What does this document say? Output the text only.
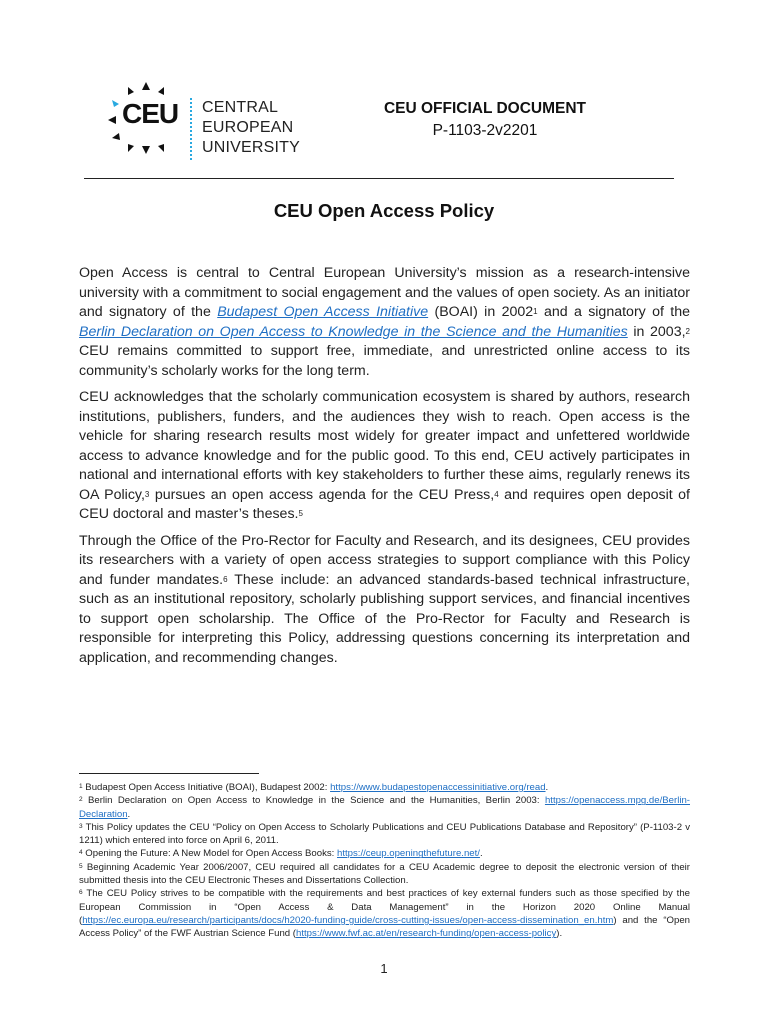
CEU CENTRAL
EUROPEAN
UNIVERSITY
CEU OFFICIAL DOCUMENT
P-1103-2v2201
CEU Open Access Policy

Open Access is central to Central European University’s mission as a research-intensive university with a commitment to social engagement and the values of open society. As an initiator and signatory of the Budapest Open Access Initiative (BOAI) in 2002$^1$ and a signatory of the Berlin Declaration on Open Access to Knowledge in the Science and the Humanities in 2003,$^2$ CEU remains committed to support free, immediate, and unrestricted online access to its community’s scholarly works for the long term.

CEU acknowledges that the scholarly communication ecosystem is shared by authors, research institutions, publishers, funders, and the audiences they wish to reach. Open access is the vehicle for sharing research results most widely for greater impact and unfettered worldwide access to advance knowledge and for the public good. To this end, CEU actively participates in national and international efforts with key stakeholders to further these aims, regularly renews its OA Policy,$^3$ pursues an open access agenda for the CEU Press,$^4$ and requires open deposit of CEU doctoral and master’s theses.$^5$

Through the Office of the Pro-Rector for Faculty and Research, and its designees, CEU provides its researchers with a variety of open access strategies to support compliance with this Policy and funder mandates.$^6$ These include: an advanced standards-based technical infrastructure, such as an institutional repository, scholarly publishing support services, and financial incentives to support open scholarship. The Office of the Pro-Rector for Faculty and Research is responsible for interpreting this Policy, addressing questions concerning its interpretation and application, and recommending changes.

$^1$ Budapest Open Access Initiative (BOAI), Budapest 2002: https://www.budapestopenaccessinitiative.org/read.

$^2$ Berlin Declaration on Open Access to Knowledge in the Science and the Humanities, Berlin 2003: https://openaccess.mpg.de/Berlin-Declaration.

$^3$ This Policy updates the CEU “Policy on Open Access to Scholarly Publications and CEU Publications Database and Repository” (P-1103-2 v 1211) which entered into force on April 6, 2011.

$^4$ Opening the Future: A New Model for Open Access Books: https://ceup.openingthefuture.net/.

$^5$ Beginning Academic Year 2006/2007, CEU required all candidates for a CEU Academic degree to deposit the electronic version of their submitted thesis into the CEU Electronic Theses and Dissertations Collection.

$^6$ The CEU Policy strives to be compatible with the requirements and best practices of key external funders such as those specified by the European Commission in “Open Access & Data Management” in the Horizon 2020 Online Manual (https://ec.europa.eu/research/participants/docs/h2020-funding-guide/cross-cutting-issues/open-access-dissemination_en.htm) and the “Open Access Policy” of the FWF Austrian Science Fund (https://www.fwf.ac.at/en/research-funding/open-access-policy).

1
